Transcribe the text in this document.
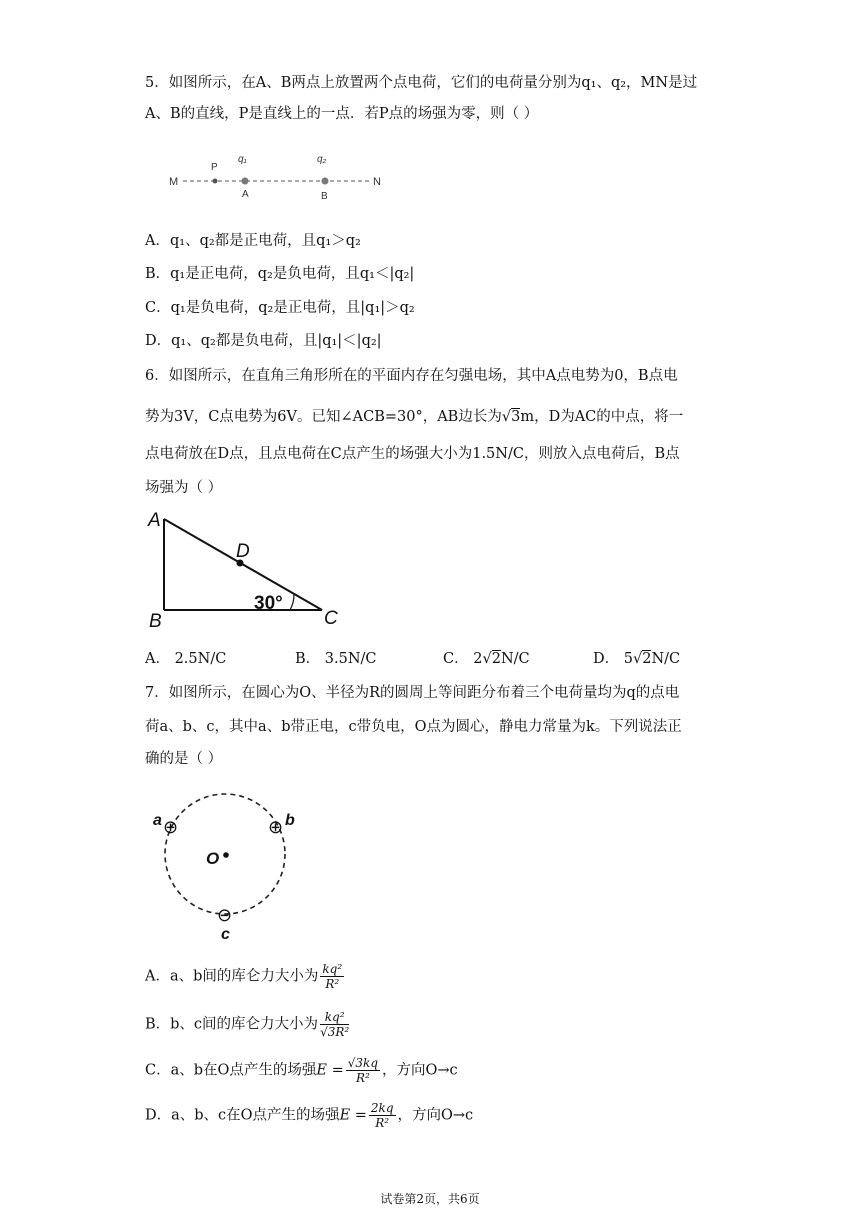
5．如图所示，在A、B两点上放置两个点电荷，它们的电荷量分别为q₁、q₂，MN是过
A、B的直线，P是直线上的一点．若P点的场强为零，则（ ）
M	N
P
q₁
A
q₂
B
A．q₁、q₂都是正电荷，且q₁＞q₂
B．q₁是正电荷，q₂是负电荷，且q₁＜|q₂|
C．q₁是负电荷，q₂是正电荷，且|q₁|＞q₂
D．q₁、q₂都是负电荷，且|q₁|＜|q₂|
6．如图所示，在直角三角形所在的平面内存在匀强电场，其中A点电势为0，B点电
势为3V，C点电势为6V。已知∠ACB=30°，AB边长为√3m，D为AC的中点，将一
点电荷放在D点，且点电荷在C点产生的场强大小为1.5N/C，则放入点电荷后，B点
场强为（ ）
A
B	C
D
30°
A． 2.5N/C	B． 3.5N/C	C． 2√2N/C	D． 5√2N/C
7．如图所示，在圆心为O、半径为R的圆周上等间距分布着三个电荷量均为q的点电
荷a、b、c，其中a、b带正电，c带负电，O点为圆心，静电力常量为k。下列说法正
确的是（ ）
O
⊕
a	⊕ b
⊖
c
A．a、b间的库仑力大小为 $\frac{\text{kq²}}{\text{R²}}$
B．b、c间的库仑力大小为 $\frac{\text{kq²}}{\text{√3R²}}$
C．a、b在O点产生的场强$E = \frac{√3kq}{\text{R²}}$ ，方向O→c
D．a、b、c在O点产生的场强$E = \frac{2kq}{\text{R²}}$ ，方向O→c
试卷第2页，共6页
